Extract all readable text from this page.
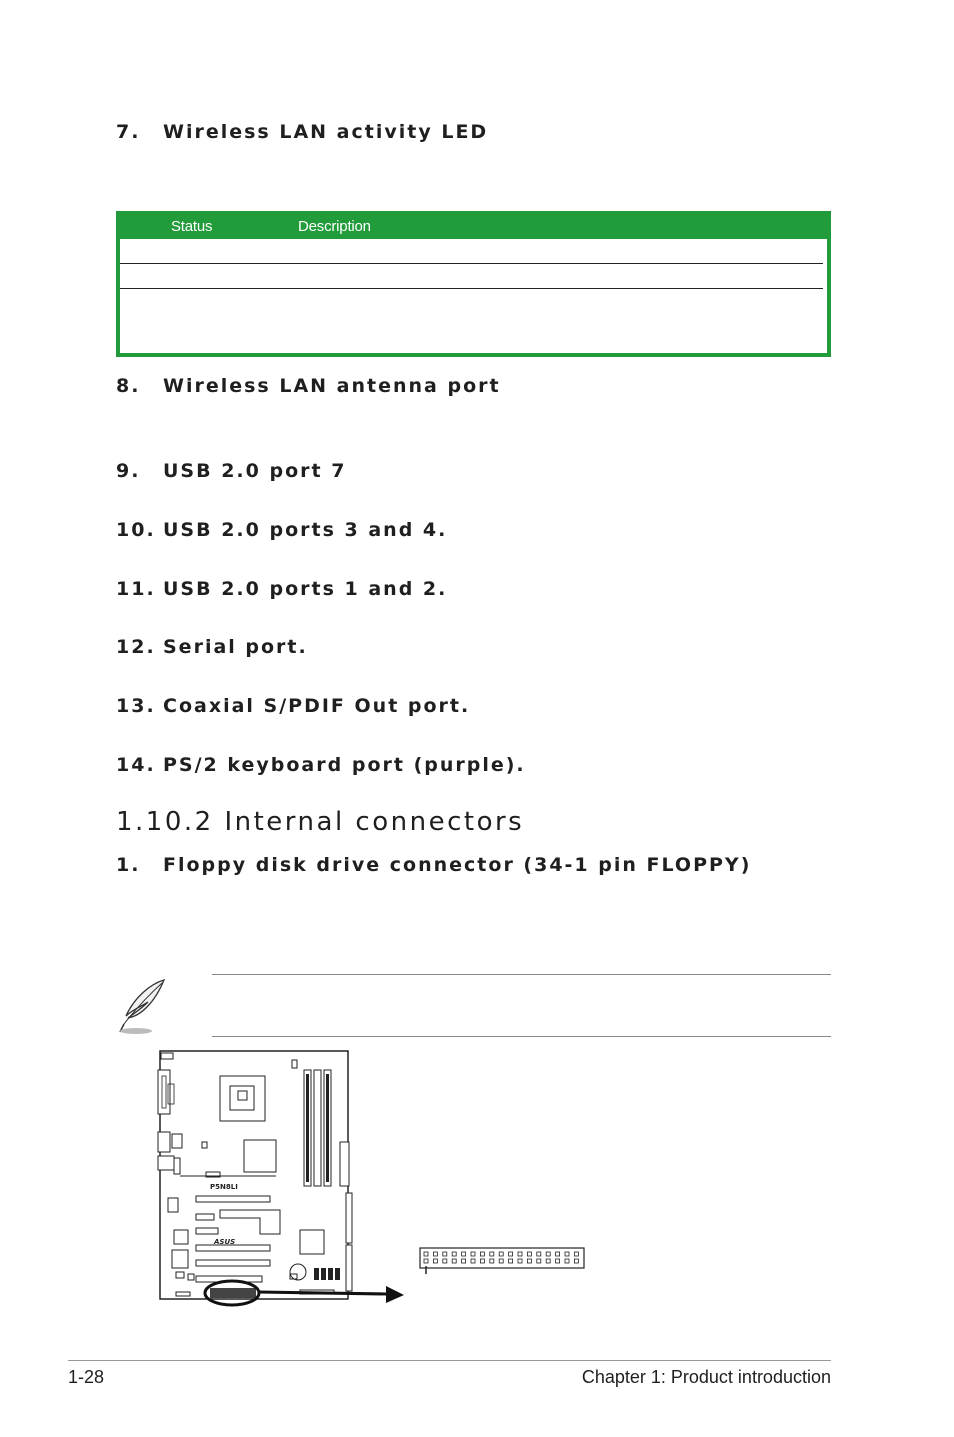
7. Wireless LAN activity LED
Status	Description
8. Wireless LAN antenna port
9. USB 2.0 port 7
10. USB 2.0 ports 3 and 4.
11. USB 2.0 ports 1 and 2.
12. Serial port.
13. Coaxial S/PDIF Out port.
14. PS/2 keyboard port (purple).
1.10.2 Internal connectors
1. Floppy disk drive connector (34-1 pin FLOPPY)
P5N8LI
ASUS
1-28	Chapter 1: Product introduction
